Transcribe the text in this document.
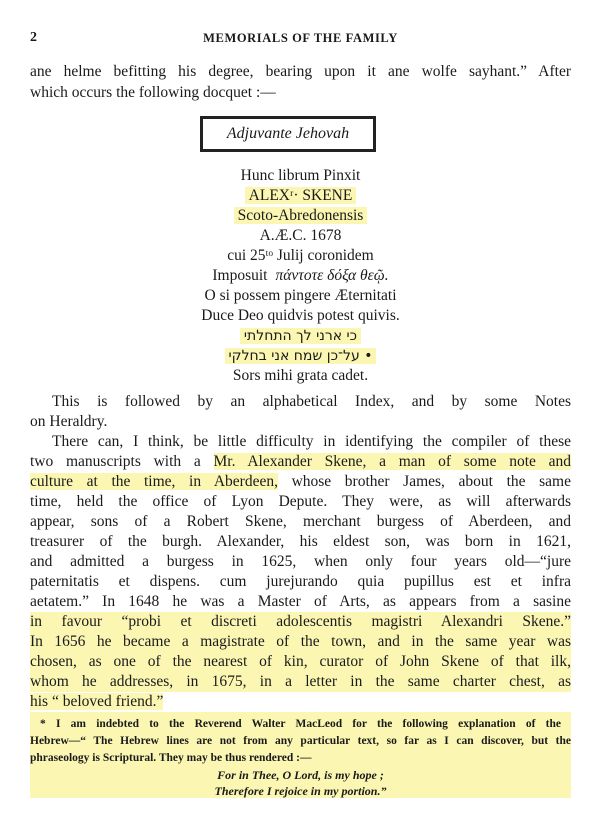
2	MEMORIALS OF THE FAMILY
ane helme befitting his degree, bearing upon it ane wolfe sayhant.” After
which occurs the following docquet :—
Adjuvante Jehovah
Hunc librum Pinxit
ALEXʳ· SKENE
Scoto-Abredonensis
A.Æ.C. 1678
cui 25ᵗᵒ Julij coronidem
Imposuit πάντοτε δόξα θεῷ.
O si possem pingere Æternitati
Duce Deo quidvis potest quivis.
כי ארני לך התחלתי
• על־כן שמח אני בחלקי
Sors mihi grata cadet.
This is followed by an alphabetical Index, and by some Notes
on Heraldry.
There can, I think, be little difficulty in identifying the compiler of these
two manuscripts with a Mr. Alexander Skene, a man of some note and
culture at the time, in Aberdeen, whose brother James, about the same
time, held the office of Lyon Depute. They were, as will afterwards
appear, sons of a Robert Skene, merchant burgess of Aberdeen, and
treasurer of the burgh. Alexander, his eldest son, was born in 1621,
and admitted a burgess in 1625, when only four years old—“jure
paternitatis et dispens. cum jurejurando quia pupillus est et infra
aetatem.” In 1648 he was a Master of Arts, as appears from a sasine
in favour “probi et discreti adolescentis magistri Alexandri Skene.”
In 1656 he became a magistrate of the town, and in the same year was
chosen, as one of the nearest of kin, curator of John Skene of that ilk,
whom he addresses, in 1675, in a letter in the same charter chest, as
his “ beloved friend.”
* I am indebted to the Reverend Walter MacLeod for the following explanation of the
Hebrew—“ The Hebrew lines are not from any particular text, so far as I can discover, but the
phraseology is Scriptural. They may be thus rendered :—
For in Thee, O Lord, is my hope ;
Therefore I rejoice in my portion.”
